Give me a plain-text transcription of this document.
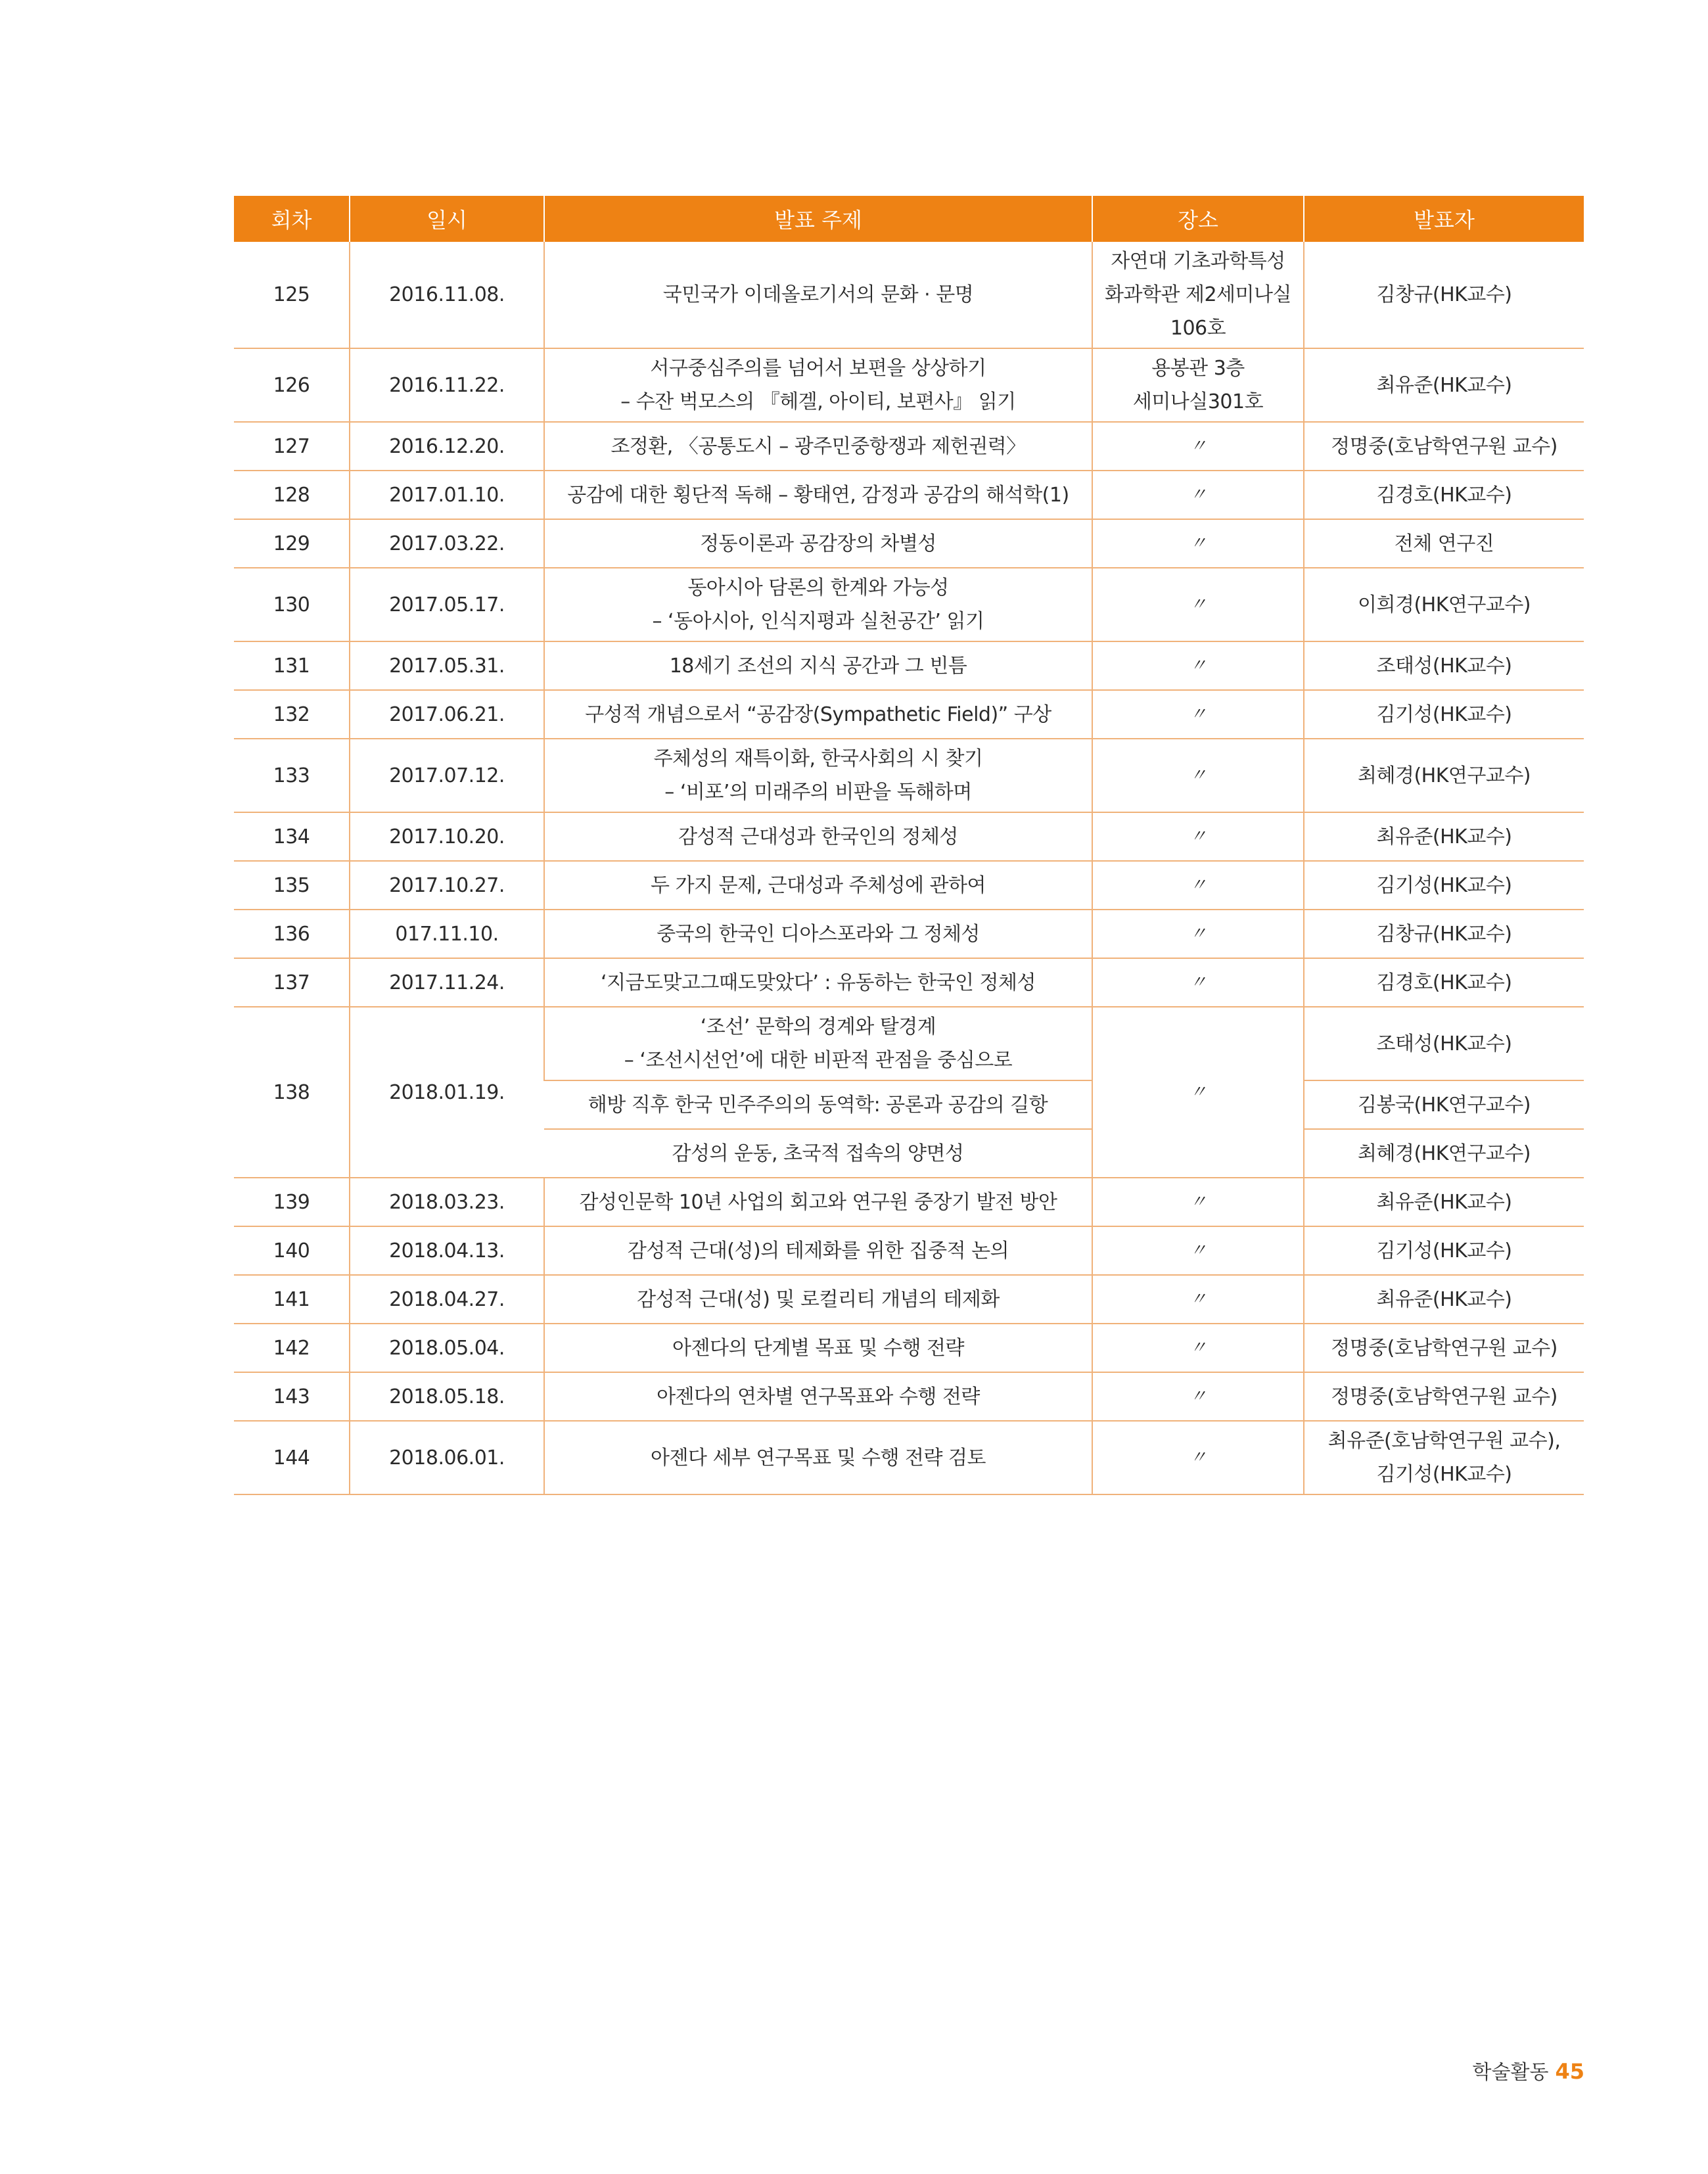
회차	일시	발표 주제	장소	발표자
125	2016.11.08.	국민국가 이데올로기서의 문화 · 문명	자연대 기초과학특성
화과학관 제2세미나실
106호	김창규(HK교수)

126	2016.11.22.	서구중심주의를 넘어서 보편을 상상하기
– 수잔 벅모스의 『헤겔, 아이티, 보편사』 읽기	용봉관 3층
세미나실301호	최유준(HK교수)

127	2016.12.20.	조정환, 〈공통도시 – 광주민중항쟁과 제헌권력〉	〃	정명중(호남학연구원 교수)

128	2017.01.10.	공감에 대한 횡단적 독해 – 황태연, 감정과 공감의 해석학(1)	〃	김경호(HK교수)

129	2017.03.22.	정동이론과 공감장의 차별성	〃	전체 연구진

130	2017.05.17.	동아시아 담론의 한계와 가능성
– ‘동아시아, 인식지평과 실천공간’ 읽기	〃	이희경(HK연구교수)

131	2017.05.31.	18세기 조선의 지식 공간과 그 빈틈	〃	조태성(HK교수)

132	2017.06.21.	구성적 개념으로서 “공감장(Sympathetic Field)” 구상	〃	김기성(HK교수)

133	2017.07.12.	주체성의 재특이화, 한국사회의 시 찾기
– ‘비포’의 미래주의 비판을 독해하며	〃	최혜경(HK연구교수)

134	2017.10.20.	감성적 근대성과 한국인의 정체성	〃	최유준(HK교수)

135	2017.10.27.	두 가지 문제, 근대성과 주체성에 관하여	〃	김기성(HK교수)

136	017.11.10.	중국의 한국인 디아스포라와 그 정체성	〃	김창규(HK교수)

137	2017.11.24.	‘지금도맞고그때도맞았다’ : 유동하는 한국인 정체성	〃	김경호(HK교수)

138	2018.01.19.	‘조선’ 문학의 경계와 탈경계
– ‘조선시선언’에 대한 비판적 관점을 중심으로	〃	조태성(HK교수)

		해방 직후 한국 민주주의의 동역학: 공론과 공감의 길항		김봉국(HK연구교수)

		감성의 운동, 초국적 접속의 양면성		최혜경(HK연구교수)

139	2018.03.23.	감성인문학 10년 사업의 회고와 연구원 중장기 발전 방안	〃	최유준(HK교수)

140	2018.04.13.	감성적 근대(성)의 테제화를 위한 집중적 논의	〃	김기성(HK교수)

141	2018.04.27.	감성적 근대(성) 및 로컬리티 개념의 테제화	〃	최유준(HK교수)

142	2018.05.04.	아젠다의 단계별 목표 및 수행 전략	〃	정명중(호남학연구원 교수)

143	2018.05.18.	아젠다의 연차별 연구목표와 수행 전략	〃	정명중(호남학연구원 교수)

144	2018.06.01.	아젠다 세부 연구목표 및 수행 전략 검토	〃	최유준(호남학연구원 교수),
김기성(HK교수)
학술활동 45
